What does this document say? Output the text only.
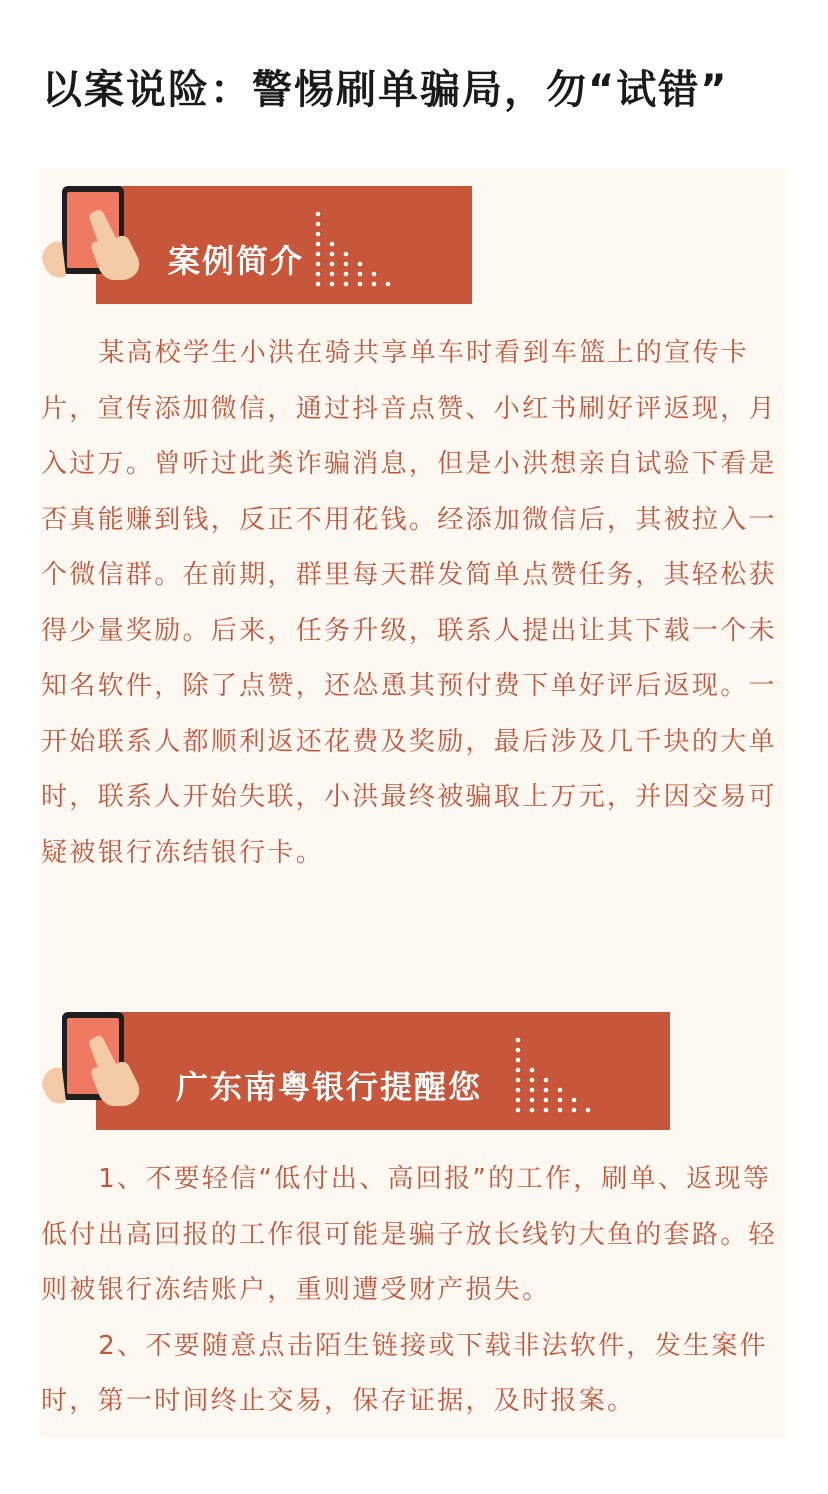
以案说险：警惕刷单骗局，勿“试错”
案例简介

某高校学生小洪在骑共享单车时看到车篮上的宣传卡片，宣传添加微信，通过抖音点赞、小红书刷好评返现，月入过万。曾听过此类诈骗消息，但是小洪想亲自试验下看是否真能赚到钱，反正不用花钱。经添加微信后，其被拉入一个微信群。在前期，群里每天群发简单点赞任务，其轻松获得少量奖励。后来，任务升级，联系人提出让其下载一个未知名软件，除了点赞，还怂恿其预付费下单好评后返现。一开始联系人都顺利返还花费及奖励，最后涉及几千块的大单时，联系人开始失联，小洪最终被骗取上万元，并因交易可疑被银行冻结银行卡。

广东南粤银行提醒您

1、不要轻信“低付出、高回报”的工作，刷单、返现等低付出高回报的工作很可能是骗子放长线钓大鱼的套路。轻则被银行冻结账户，重则遭受财产损失。

2、不要随意点击陌生链接或下载非法软件，发生案件时，第一时间终止交易，保存证据，及时报案。
